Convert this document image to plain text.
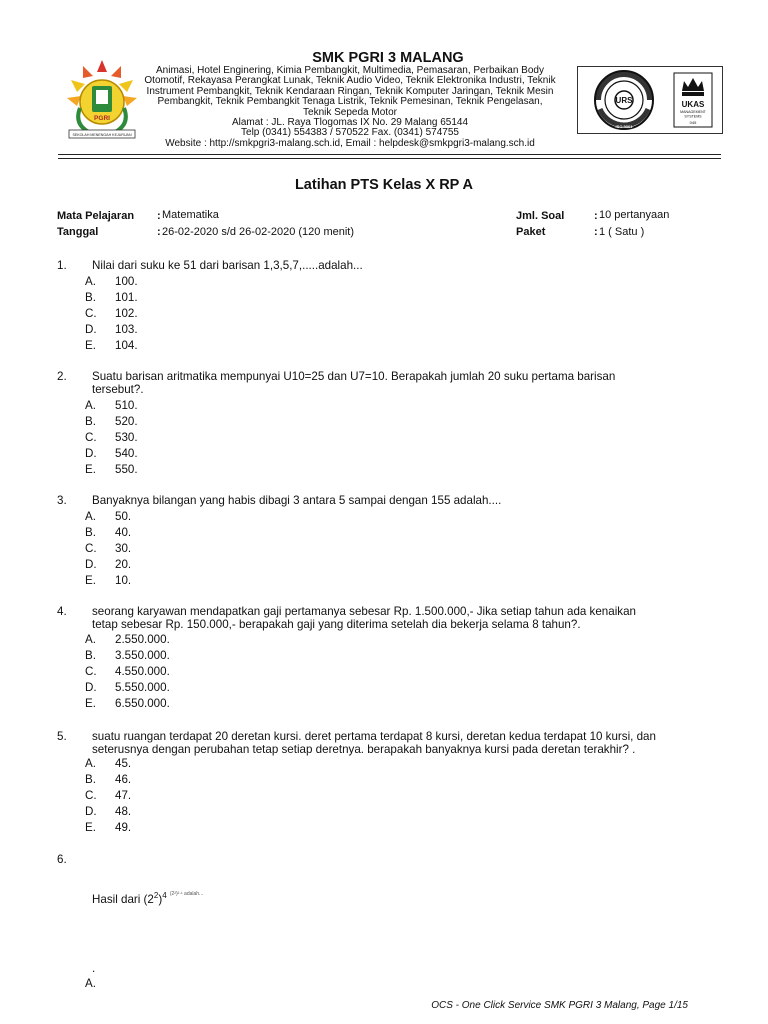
PGRI
SEKOLAH MENENGAH KEJURUAN
SMK PGRI 3 MALANG
Animasi, Hotel Enginering, Kimia Pembangkit, Multimedia, Pemasaran, Perbaikan Body
Otomotif, Rekayasa Perangkat Lunak, Teknik Audio Video, Teknik Elektronika Industri, Teknik
Instrument Pembangkit, Teknik Kendaraan Ringan, Teknik Komputer Jaringan, Teknik Mesin
Pembangkit, Teknik Pembangkit Tenaga Listrik, Teknik Pemesinan, Teknik Pengelasan,
Teknik Sepeda Motor
Alamat : JL. Raya Tlogomas IX No. 29 Malang 65144
Telp (0341) 554383 / 570522 Fax. (0341) 574755
Website : http://smkpgri3-malang.sch.id, Email : helpdesk@smkpgri3-malang.sch.id
URS
ISO 9001
UKAS
MANAGEMENT
SYSTEMS
045
Latihan PTS Kelas X RP A
Mata Pelajaran : Matematika
Tanggal	: 26-02-2020 s/d 26-02-2020 (120 menit)
Jml. Soal	: 10 pertanyaan
Paket	: 1 ( Satu )
1. Nilai dari suku ke 51 dari barisan 1,3,5,7,.....adalah...
A. 100.
B. 101.
C. 102.
D. 103.
E. 104.
2. Suatu barisan aritmatika mempunyai U10=25 dan U7=10. Berapakah jumlah 20 suku pertama barisan
tersebut?.
A. 510.
B. 520.
C. 530.
D. 540.
E. 550.
3. Banyaknya bilangan yang habis dibagi 3 antara 5 sampai dengan 155 adalah....
A. 50.
B. 40.
C. 30.
D. 20.
E. 10.
4. seorang karyawan mendapatkan gaji pertamanya sebesar Rp. 1.500.000,- Jika setiap tahun ada kenaikan
tetap sebesar Rp. 150.000,- berapakah gaji yang diterima setelah dia bekerja selama 8 tahun?.
A. 2.550.000.
B. 3.550.000.
C. 4.550.000.
D. 5.550.000.
E. 6.550.000.
5. suatu ruangan terdapat 20 deretan kursi. deret pertama terdapat 8 kursi, deretan kedua terdapat 10 kursi, dan
seterusnya dengan perubahan tetap setiap deretnya. berapakah banyaknya kursi pada deretan terakhir? .
A. 45.
B. 46.
C. 47.
D. 48.
E. 49.
6.
Hasil dari $(2^2)^4$ $^{(2^2)^2\cdot^1 adalah...}$
.
A.
OCS - One Click Service SMK PGRI 3 Malang, Page 1/15
